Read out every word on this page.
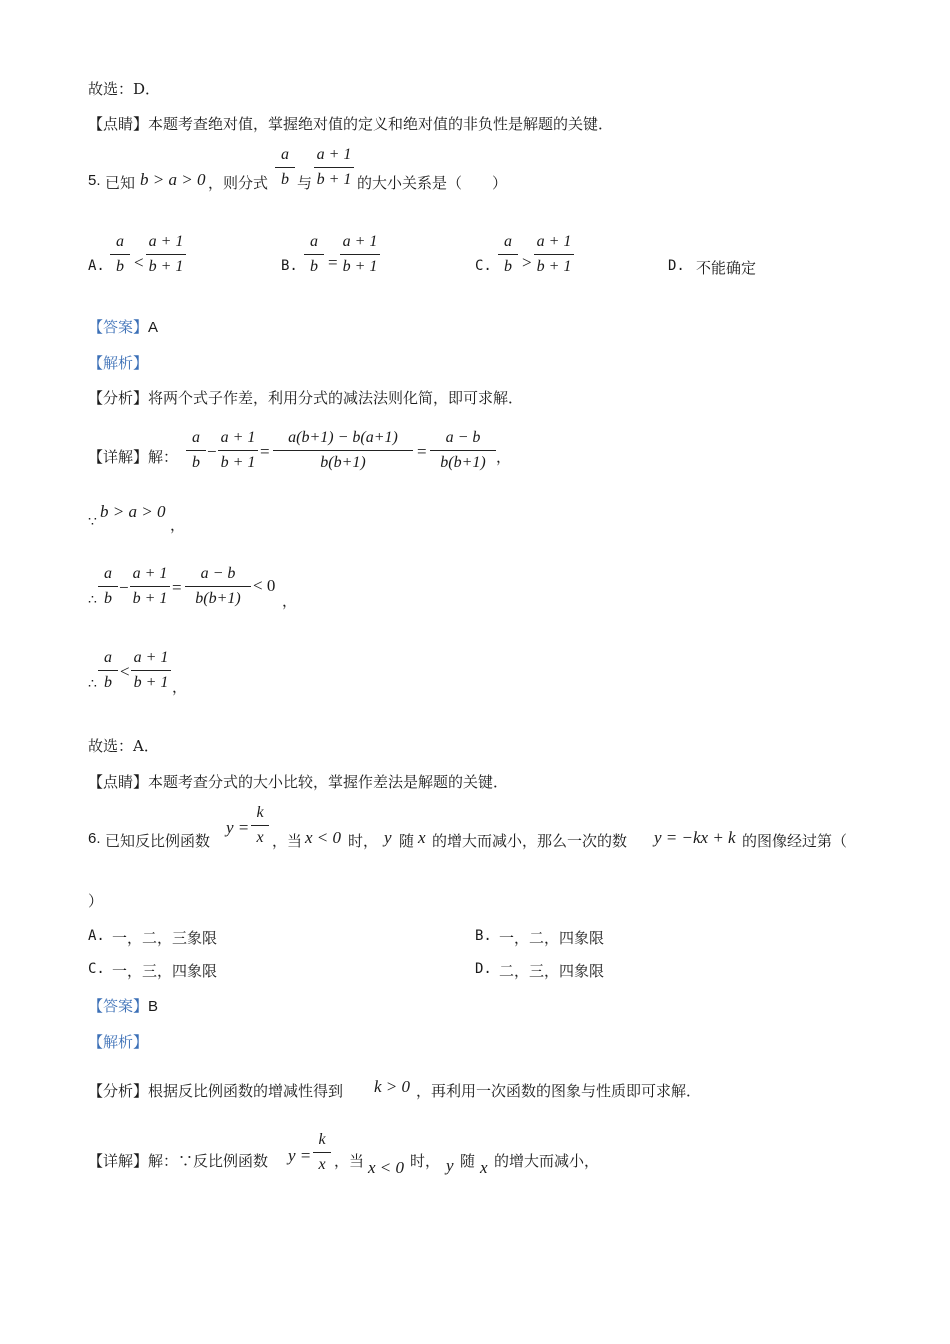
故选：D．
【点睛】本题考查绝对值，掌握绝对值的定义和绝对值的非负性是解题的关键．
5. 已知 b > a > 0 ，则分式
a
b 与
a + 1
b + 1 的大小关系是（　　）
A.
a
b <
a + 1
b + 1	B.
a
b =
a + 1
b + 1	C.
a
b >
a + 1
b + 1	D. 不能确定
【答案】A
【解析】
【分析】将两个式子作差，利用分式的减法法则化简，即可求解．
【详解】解：
a
b
−
a + 1
b + 1
=
a(b+1) − b(a+1)
b(b+1)
=
a − b
b(b+1) ，
∵
b > a > 0
，
∴
a
b
−
a + 1
b + 1
=
a − b
b(b+1)
< 0
，
∴
a
b
<
a + 1
b + 1 ，
故选：A．
【点睛】本题考查分式的大小比较，掌握作差法是解题的关键．
6. 已知反比例函数
y =
k
x ，当 x < 0 时， y 随 x 的增大而减小，那么一次的数 y = −kx + k 的图像经过第（
）
A. 一，二，三象限	B. 一，二，四象限
C. 一，三，四象限	D. 二，三，四象限
【答案】B
【解析】
【分析】根据反比例函数的增减性得到 k > 0 ，再利用一次函数的图象与性质即可求解．
【详解】解：∵反比例函数 y =
k
x ，当 x < 0 时， y 随 x 的增大而减小，
